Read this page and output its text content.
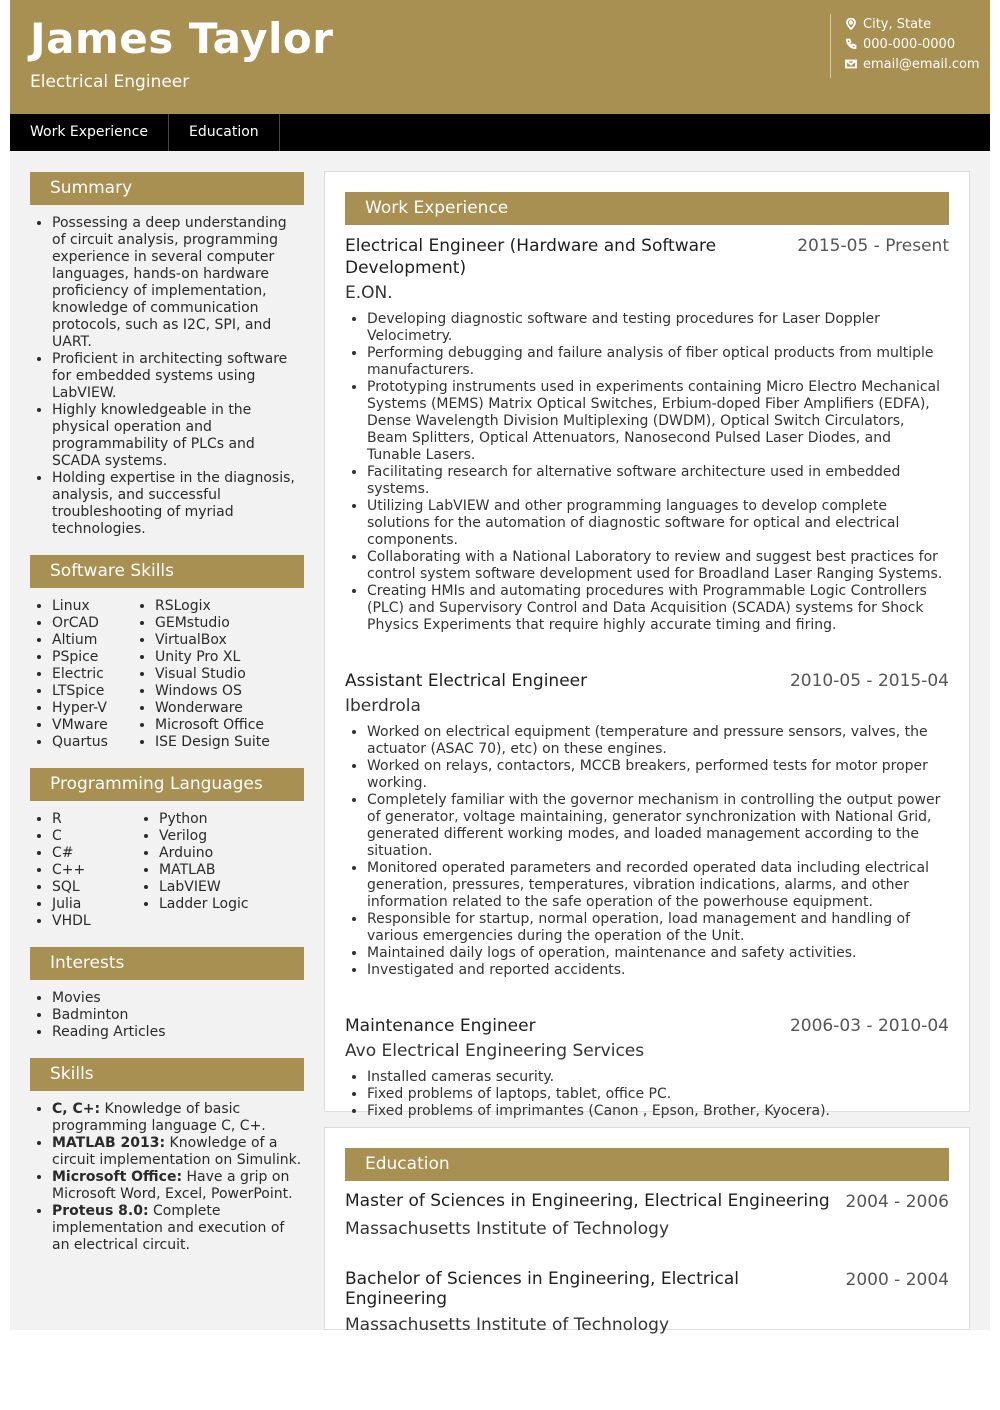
James Taylor
Electrical Engineer
City, State
000-000-0000
email@email.com
Work Experience	Education
Summary
• Possessing a deep understanding of circuit analysis, programming experience in several computer languages, hands-on hardware proficiency of implementation, knowledge of communication protocols, such as I2C, SPI, and UART.
• Proficient in architecting software for embedded systems using LabVIEW.
• Highly knowledgeable in the physical operation and programmability of PLCs and SCADA systems.
• Holding expertise in the diagnosis, analysis, and successful troubleshooting of myriad technologies.
Software Skills
• Linux
• OrCAD
• Altium
• PSpice
• Electric
• LTSpice
• Hyper-V
• VMware
• Quartus
• RSLogix
• GEMstudio
• VirtualBox
• Unity Pro XL
• Visual Studio
• Windows OS
• Wonderware
• Microsoft Office
• ISE Design Suite
Programming Languages
• R
• C
• C#
• C++
• SQL
• Julia
• VHDL
• Python
• Verilog
• Arduino
• MATLAB
• LabVIEW
• Ladder Logic
Interests
• Movies
• Badminton
• Reading Articles
Skills
• C, C+: Knowledge of basic programming language C, C+.
• MATLAB 2013: Knowledge of a circuit implementation on Simulink.
• Microsoft Office: Have a grip on Microsoft Word, Excel, PowerPoint.
• Proteus 8.0: Complete implementation and execution of an electrical circuit.
Work Experience
Electrical Engineer (Hardware and Software Development)
2015-05 - Present
E.ON.
• Developing diagnostic software and testing procedures for Laser Doppler Velocimetry.
• Performing debugging and failure analysis of fiber optical products from multiple manufacturers.
• Prototyping instruments used in experiments containing Micro Electro Mechanical Systems (MEMS) Matrix Optical Switches, Erbium-doped Fiber Amplifiers (EDFA), Dense Wavelength Division Multiplexing (DWDM), Optical Switch Circulators, Beam Splitters, Optical Attenuators, Nanosecond Pulsed Laser Diodes, and Tunable Lasers.
• Facilitating research for alternative software architecture used in embedded systems.
• Utilizing LabVIEW and other programming languages to develop complete solutions for the automation of diagnostic software for optical and electrical components.
• Collaborating with a National Laboratory to review and suggest best practices for control system software development used for Broadland Laser Ranging Systems.
• Creating HMIs and automating procedures with Programmable Logic Controllers (PLC) and Supervisory Control and Data Acquisition (SCADA) systems for Shock Physics Experiments that require highly accurate timing and firing.
Assistant Electrical Engineer	2010-05 - 2015-04
Iberdrola
• Worked on electrical equipment (temperature and pressure sensors, valves, the actuator (ASAC 70), etc) on these engines.
• Worked on relays, contactors, MCCB breakers, performed tests for motor proper working.
• Completely familiar with the governor mechanism in controlling the output power of generator, voltage maintaining, generator synchronization with National Grid, generated different working modes, and loaded management according to the situation.
• Monitored operated parameters and recorded operated data including electrical generation, pressures, temperatures, vibration indications, alarms, and other information related to the safe operation of the powerhouse equipment.
• Responsible for startup, normal operation, load management and handling of various emergencies during the operation of the Unit.
• Maintained daily logs of operation, maintenance and safety activities.
• Investigated and reported accidents.
Maintenance Engineer	2006-03 - 2010-04
Avo Electrical Engineering Services
• Installed cameras security.
• Fixed problems of laptops, tablet, office PC.
• Fixed problems of imprimantes (Canon , Epson, Brother, Kyocera).
Education
Master of Sciences in Engineering, Electrical Engineering 2004 - 2006
Massachusetts Institute of Technology
Bachelor of Sciences in Engineering, Electrical Engineering
2000 - 2004
Massachusetts Institute of Technology
